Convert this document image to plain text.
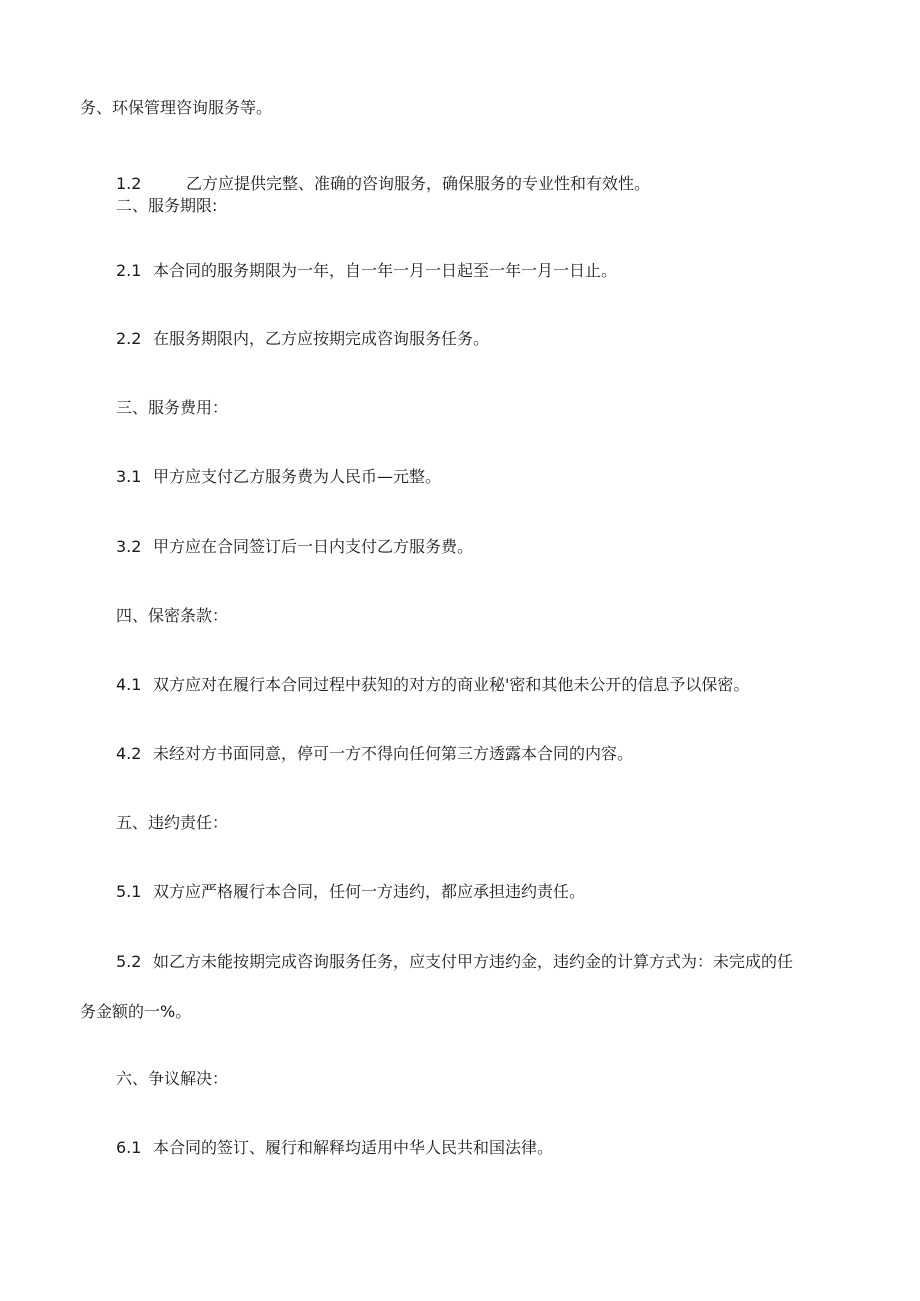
务、环保管理咨询服务等。

1.2	乙方应提供完整、准确的咨询服务，确保服务的专业性和有效性。

二、服务期限:

2.1 本合同的服务期限为一年，自一年一月一日起至一年一月一日止。

2.2 在服务期限内，乙方应按期完成咨询服务任务。

三、服务费用：

3.1 甲方应支付乙方服务费为人民币—元整。

3.2 甲方应在合同签订后一日内支付乙方服务费。

四、保密条款：

4.1 双方应对在履行本合同过程中获知的对方的商业秘'密和其他未公开的信息予以保密。

4.2 未经对方书面同意，停可一方不得向任何第三方透露本合同的内容。

五、违约责任：

5.1 双方应严格履行本合同，任何一方违约，都应承担违约责任。

5.2 如乙方未能按期完成咨询服务任务，应支付甲方违约金，违约金的计算方式为：未完成的任

务金额的一%。

六、争议解决：

6.1 本合同的签订、履行和解释均适用中华人民共和国法律。
